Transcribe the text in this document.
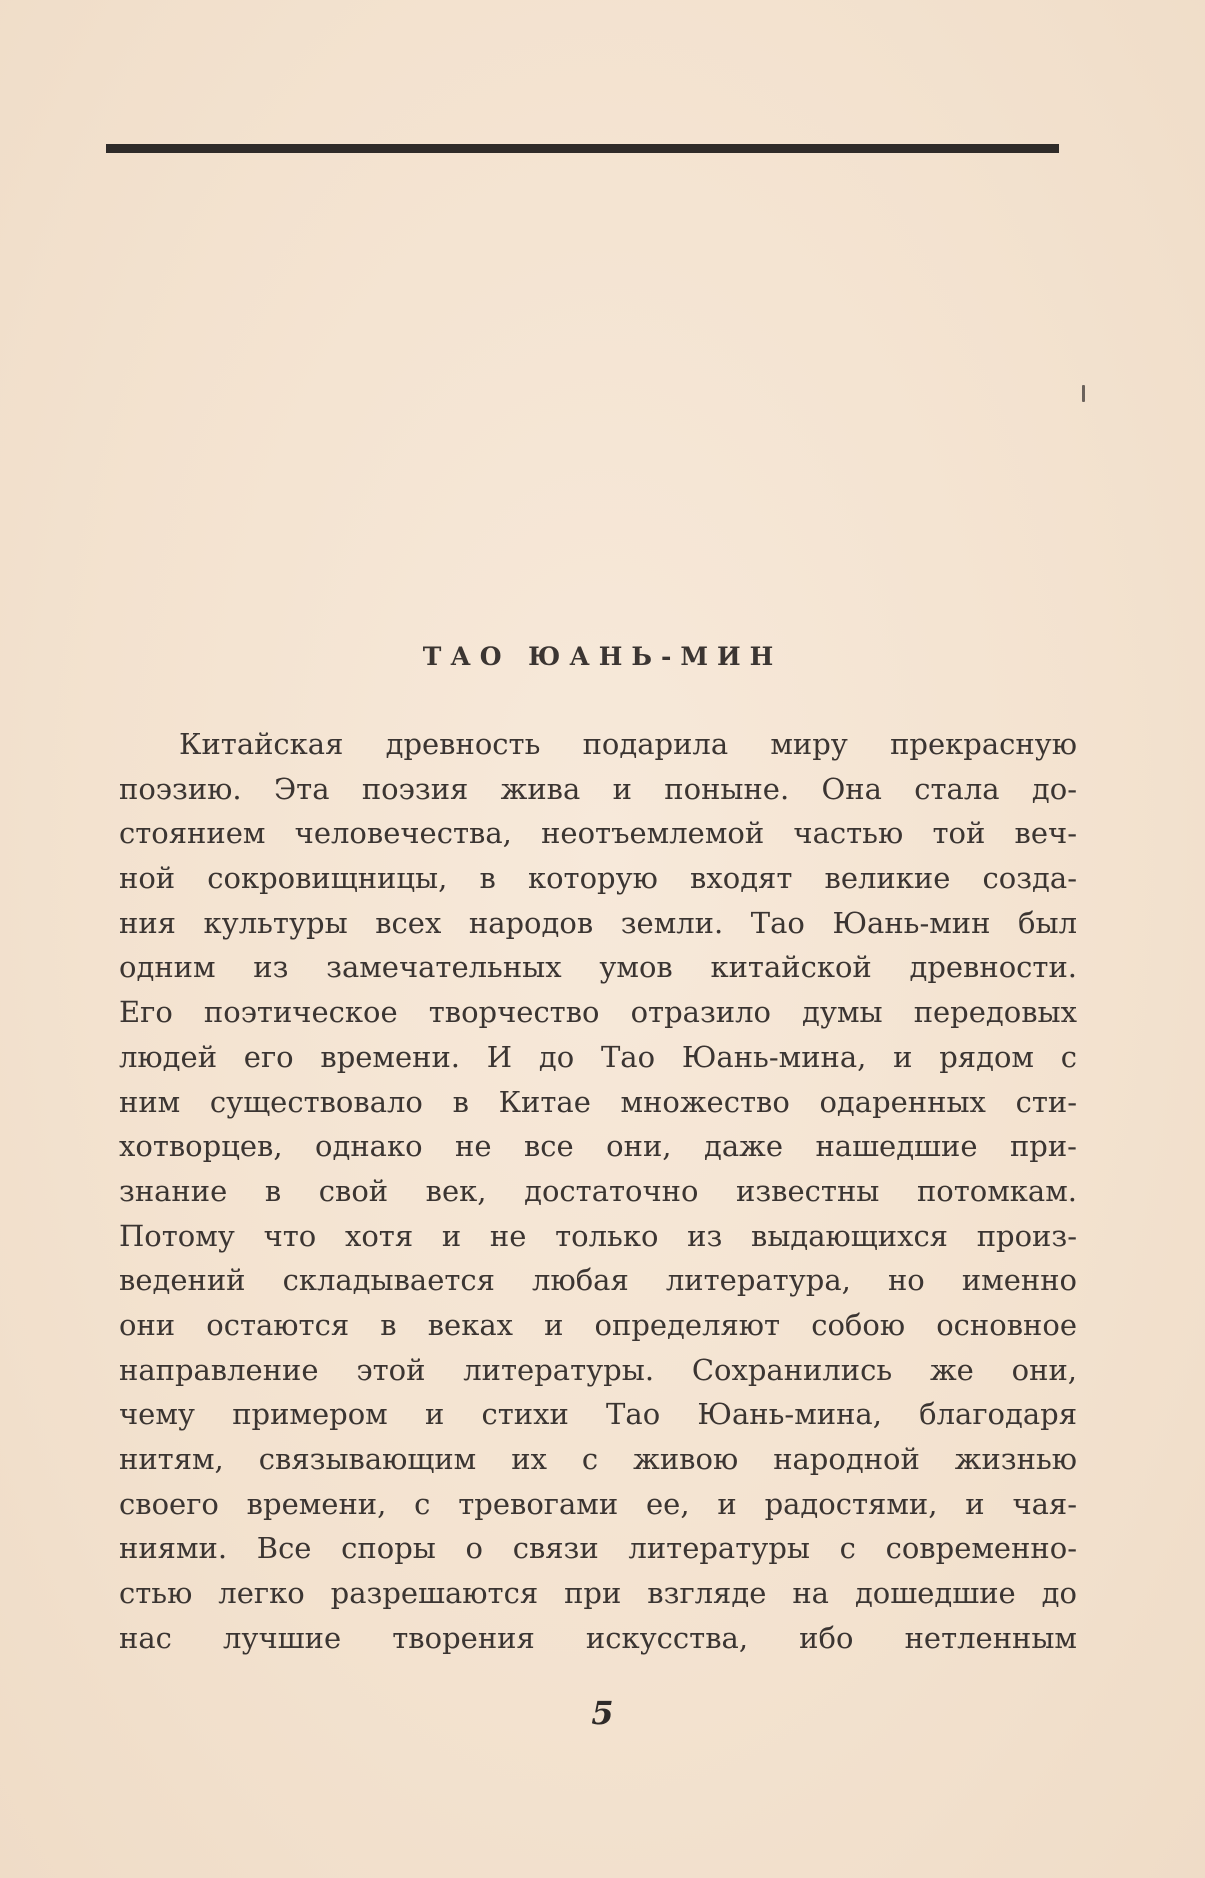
ТАО ЮАНЬ-МИН
Китайская древность подарила миру прекрасную
поэзию. Эта поэзия жива и поныне. Она стала до-
стоянием человечества, неотъемлемой частью той веч-
ной сокровищницы, в которую входят великие созда-
ния культуры всех народов земли. Тао Юань-мин был
одним из замечательных умов китайской древности.
Его поэтическое творчество отразило думы передовых
людей его времени. И до Тао Юань-мина, и рядом с
ним существовало в Китае множество одаренных сти-
хотворцев, однако не все они, даже нашедшие при-
знание в свой век, достаточно известны потомкам.
Потому что хотя и не только из выдающихся произ-
ведений складывается любая литература, но именно
они остаются в веках и определяют собою основное
направление этой литературы. Сохранились же они,
чему примером и стихи Тао Юань-мина, благодаря
нитям, связывающим их с живою народной жизнью
своего времени, с тревогами ее, и радостями, и чая-
ниями. Все споры о связи литературы с современно-
стью легко разрешаются при взгляде на дошедшие до
нас лучшие творения искусства, ибо нетленным
5
